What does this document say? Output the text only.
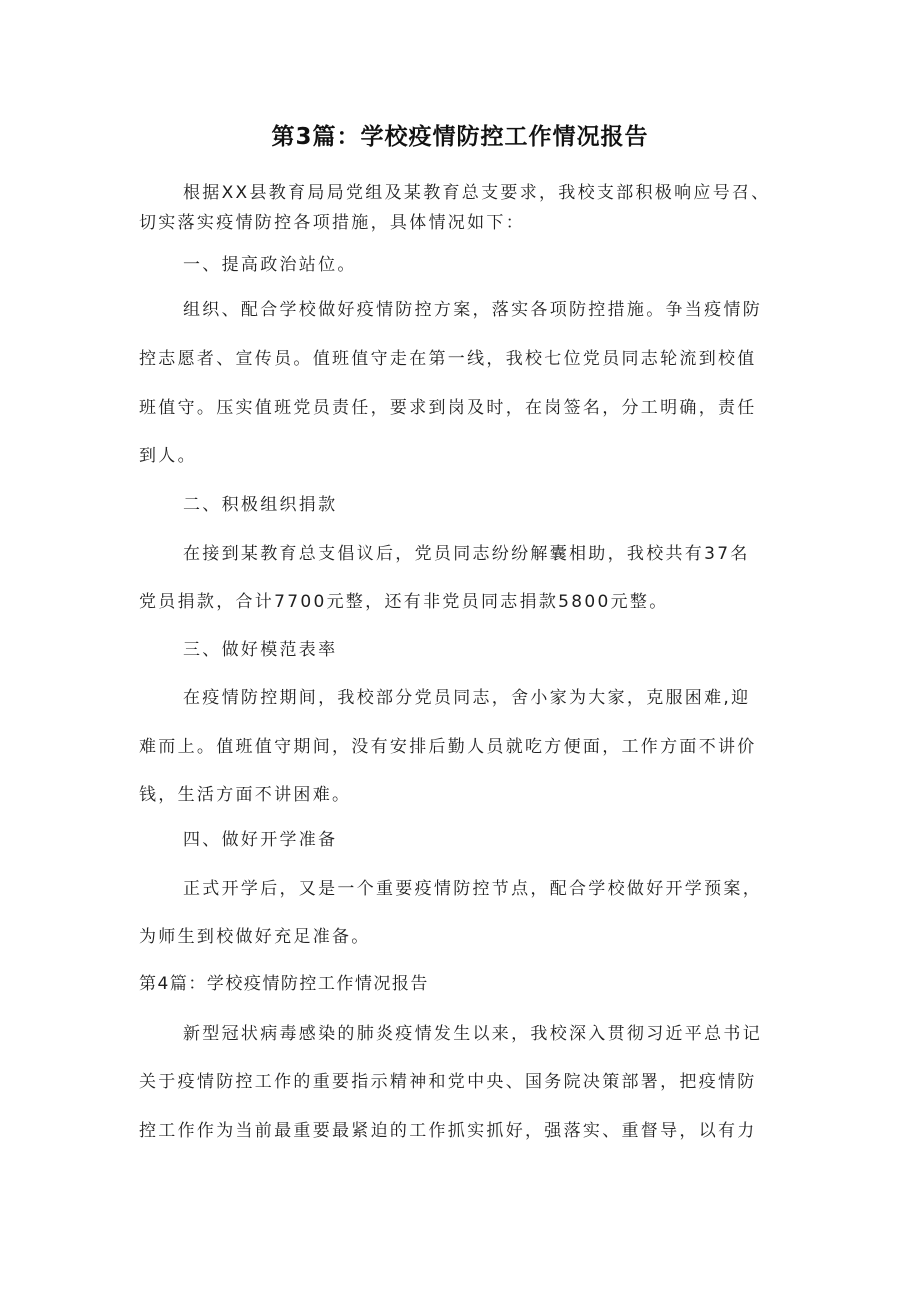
第3篇：学校疫情防控工作情况报告
根据XX县教育局局党组及某教育总支要求，我校支部积极响应号召、
切实落实疫情防控各项措施，具体情况如下：
一、提高政治站位。
组织、配合学校做好疫情防控方案，落实各项防控措施。争当疫情防
控志愿者、宣传员。值班值守走在第一线，我校七位党员同志轮流到校值
班值守。压实值班党员责任，要求到岗及时，在岗签名，分工明确，责任
到人。
二、积极组织捐款
在接到某教育总支倡议后，党员同志纷纷解囊相助，我校共有37名
党员捐款，合计7700元整，还有非党员同志捐款5800元整。
三、做好模范表率
在疫情防控期间，我校部分党员同志，舍小家为大家，克服困难,迎
难而上。值班值守期间，没有安排后勤人员就吃方便面，工作方面不讲价
钱，生活方面不讲困难。
四、做好开学准备
正式开学后，又是一个重要疫情防控节点，配合学校做好开学预案，
为师生到校做好充足准备。
第4篇：学校疫情防控工作情况报告
新型冠状病毒感染的肺炎疫情发生以来，我校深入贯彻习近平总书记
关于疫情防控工作的重要指示精神和党中央、国务院决策部署，把疫情防
控工作作为当前最重要最紧迫的工作抓实抓好，强落实、重督导，以有力
